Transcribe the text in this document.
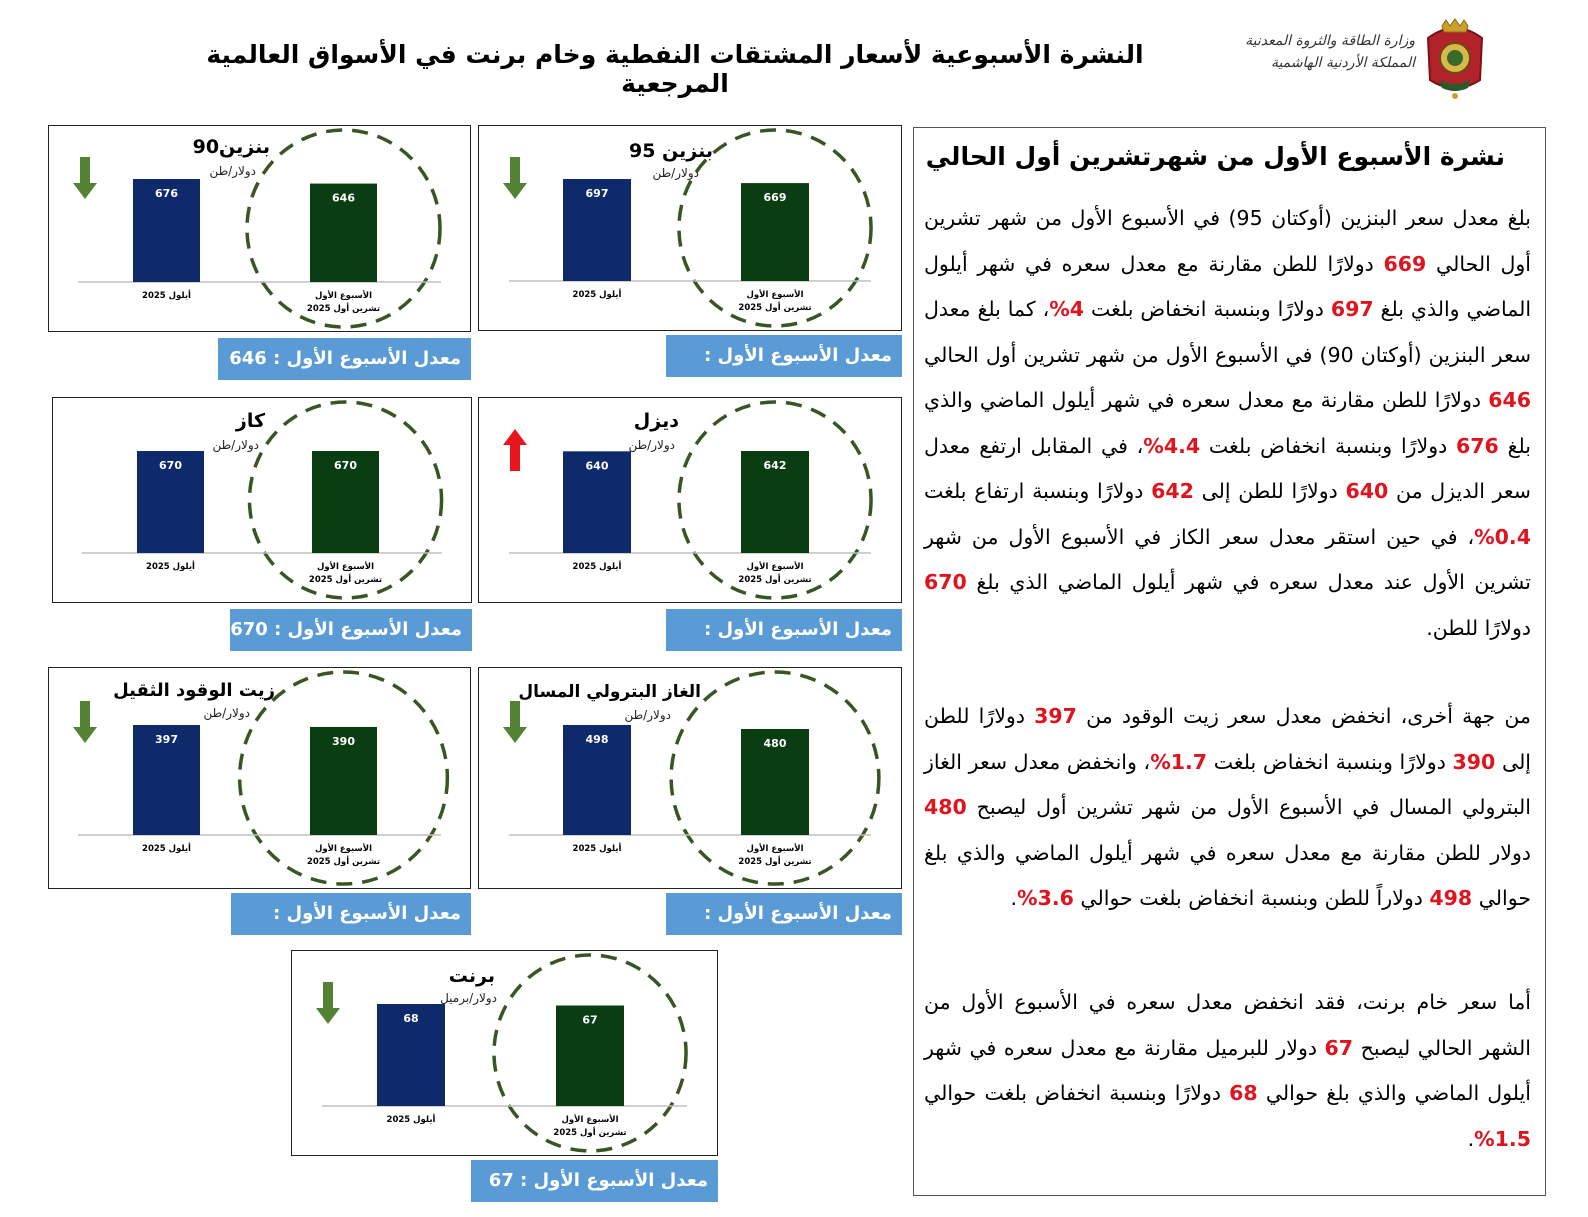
النشرة الأسبوعية لأسعار المشتقات النفطية وخام برنت في الأسواق العالمية المرجعية
وزارة الطاقة والثروة المعدنية
المملكة الأردنية الهاشمية
نشرة الأسبوع الأول من شهرتشرين أول الحالي
بلغ معدل سعر البنزين (أوكتان 95) في الأسبوع الأول من شهر تشرين أول الحالي 669 دولارًا للطن مقارنة مع معدل سعره في شهر أيلول الماضي والذي بلغ 697 دولارًا وبنسبة انخفاض بلغت 4%، كما بلغ معدل سعر البنزين (أوكتان 90) في الأسبوع الأول من شهر تشرين أول الحالي 646 دولارًا للطن مقارنة مع معدل سعره في شهر أيلول الماضي والذي بلغ 676 دولارًا وبنسبة انخفاض بلغت 4.4%، في المقابل ارتفع معدل سعر الديزل من 640 دولارًا للطن إلى 642 دولارًا وبنسبة ارتفاع بلغت 0.4%، في حين استقر معدل سعر الكاز في الأسبوع الأول من شهر تشرين الأول عند معدل سعره في شهر أيلول الماضي الذي بلغ 670 دولارًا للطن.
من جهة أخرى، انخفض معدل سعر زيت الوقود من 397 دولارًا للطن إلى 390 دولارًا وبنسبة انخفاض بلغت 1.7%، وانخفض معدل سعر الغاز البترولي المسال في الأسبوع الأول من شهر تشرين أول ليصبح 480 دولار للطن مقارنة مع معدل سعره في شهر أيلول الماضي والذي بلغ حوالي 498 دولاراً للطن وبنسبة انخفاض بلغت حوالي 3.6%.
أما سعر خام برنت، فقد انخفض معدل سعره في الأسبوع الأول من الشهر الحالي ليصبح 67 دولار للبرميل مقارنة مع معدل سعره في شهر أيلول الماضي والذي بلغ حوالي 68 دولارًا وبنسبة انخفاض بلغت حوالي 1.5%.
697
أيلول 2025
669
الأسبوع الأول
تشرين أول 2025
بنزين 95
دولار/طن
معدل الأسبوع الأول :
676
أيلول 2025
646
الأسبوع الأول
تشرين أول 2025
بنزين90
دولار/طن
معدل الأسبوع الأول : 646
640
أيلول 2025
642
الأسبوع الأول
تشرين أول 2025
ديزل
دولار/طن
معدل الأسبوع الأول :
670
أيلول 2025
670
الأسبوع الأول
تشرين أول 2025
كاز
دولار/طن
معدل الأسبوع الأول : 670
498
أيلول 2025
480
الأسبوع الأول
تشرين أول 2025
الغاز البترولي المسال
دولار/طن
معدل الأسبوع الأول : 480
397
أيلول 2025
390
الأسبوع الأول
تشرين أول 2025
زيت الوقود الثقيل
دولار/طن
معدل الأسبوع الأول :
68
أيلول 2025
67
الأسبوع الأول
تشرين أول 2025
برنت
دولار/برميل
معدل الأسبوع الأول : 67
